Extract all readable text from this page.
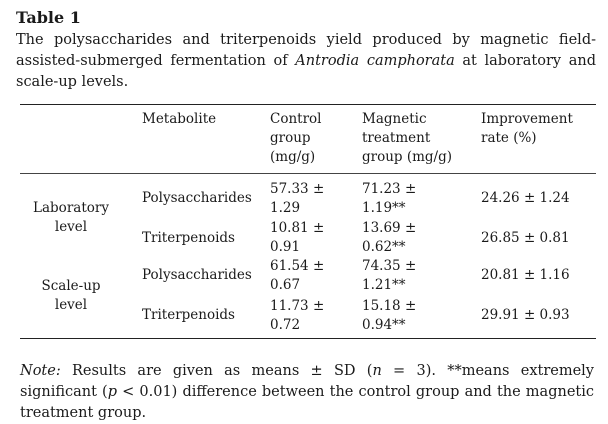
Table 1

The polysaccharides and triterpenoids yield produced by magnetic field-assisted-submerged fermentation of Antrodia camphorata at laboratory and scale-up levels.

Metabolite	Control
group
(mg/g)
Magnetic
treatment
group (mg/g)
Improvement
rate (%)
Laboratory
level
Polysaccharides
57.33 ±
1.29
71.23 ±
1.19**
24.26 ± 1.24
Triterpenoids
10.81 ±
0.91
13.69 ±
0.62**
26.85 ± 0.81
Scale-up
level
Polysaccharides
61.54 ±
0.67
74.35 ±
1.21**
20.81 ± 1.16
Triterpenoids
11.73 ±
0.72
15.18 ±
0.94**
29.91 ± 0.93

Note: Results are given as means ± SD (n = 3). **means extremely significant (p < 0.01) difference between the control group and the magnetic treatment group.
